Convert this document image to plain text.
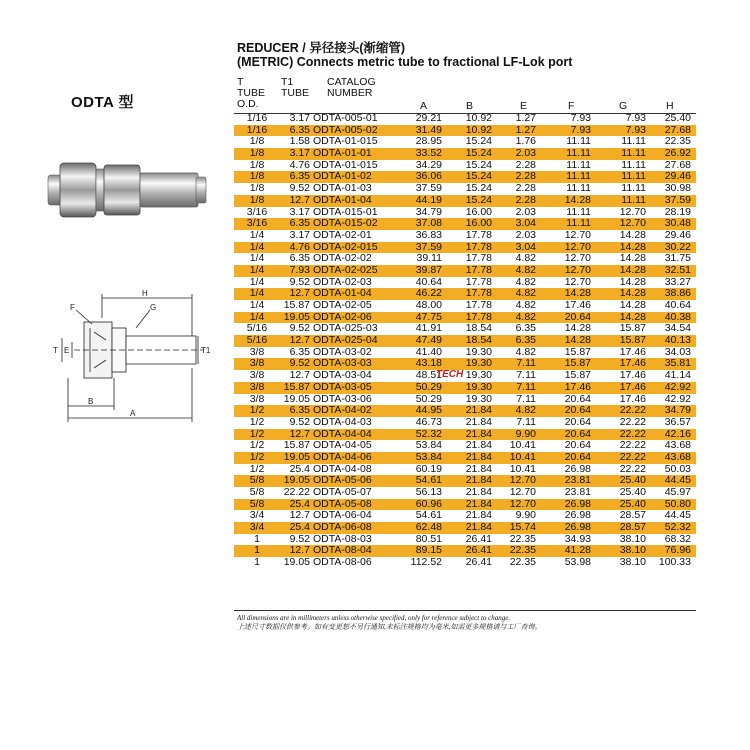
ODTA 型
H
F	G
T E	T1
B
A
REDUCER / 异径接头(渐缩管)
(METRIC) Connects metric tube to fractional LF-Lok port
T
TUBE
O.D.
T1
TUBE
CATALOG
NUMBER
A	B	E	F	G	H
1/16	3.17 ODTA-005-01	29.21	10.92	1.27	7.93	7.93	25.40
1/16	6.35 ODTA-005-02	31.49	10.92	1.27	7.93	7.93	27.68
1/8	1.58 ODTA-01-015	28.95	15.24	1.76	11.11	11.11	22.35
1/8	3.17 ODTA-01-01	33.52	15.24	2.03	11.11	11.11	26.92
1/8	4.76 ODTA-01-015	34.29	15.24	2.28	11.11	11.11	27.68
1/8	6.35 ODTA-01-02	36.06	15.24	2.28	11.11	11.11	29.46
1/8	9.52 ODTA-01-03	37.59	15.24	2.28	11.11	11.11	30.98
1/8	12.7 ODTA-01-04	44.19	15.24	2.28	14.28	11.11	37.59
3/16	3.17 ODTA-015-01	34.79	16.00	2.03	11.11	12.70	28.19
3/16	6.35 ODTA-015-02	37.08	16.00	3.04	11.11	12.70	30.48
1/4	3.17 ODTA-02-01	36.83	17.78	2.03	12.70	14.28	29.46
1/4	4.76 ODTA-02-015	37.59	17.78	3.04	12.70	14.28	30.22
1/4	6.35 ODTA-02-02	39.11	17.78	4.82	12.70	14.28	31.75
1/4	7.93 ODTA-02-025	39.87	17.78	4.82	12.70	14.28	32.51
1/4	9.52 ODTA-02-03	40.64	17.78	4.82	12.70	14.28	33.27
1/4	12.7 ODTA-01-04	46.22	17.78	4.82	14.28	14.28	38.86
1/4	15.87 ODTA-02-05	48.00	17.78	4.82	17.46	14.28	40.64
1/4	19.05 ODTA-02-06	47.75	17.78	4.82	20.64	14.28	40.38
5/16	9.52 ODTA-025-03	41.91	18.54	6.35	14.28	15.87	34.54
5/16	12.7 ODTA-025-04	47.49	18.54	6.35	14.28	15.87	40.13
3/8	6.35 ODTA-03-02	41.40	19.30	4.82	15.87	17.46	34.03
3/8	9.52 ODTA-03-03	43.18	19.30	7.11	15.87	17.46	35.81
3/8	12.7 ODTA-03-04	48.51	19.30	7.11	15.87	17.46	41.14
3/8	15.87 ODTA-03-05	50.29	19.30	7.11	17.46	17.46	42.92
3/8	19.05 ODTA-03-06	50.29	19.30	7.11	20.64	17.46	42.92
1/2	6.35 ODTA-04-02	44.95	21.84	4.82	20.64	22.22	34.79
1/2	9.52 ODTA-04-03	46.73	21.84	7.11	20.64	22.22	36.57
1/2	12.7 ODTA-04-04	52.32	21.84	9.90	20.64	22.22	42.16
1/2	15.87 ODTA-04-05	53.84	21.84	10.41	20.64	22.22	43.68
1/2	19.05 ODTA-04-06	53.84	21.84	10.41	20.64	22.22	43.68
1/2	25.4 ODTA-04-08	60.19	21.84	10.41	26.98	22.22	50.03
5/8	19.05 ODTA-05-06	54.61	21.84	12.70	23.81	25.40	44.45
5/8	22.22 ODTA-05-07	56.13	21.84	12.70	23.81	25.40	45.97
5/8	25.4 ODTA-05-08	60.96	21.84	12.70	26.98	25.40	50.80
3/4	12.7 ODTA-06-04	54.61	21.84	9.90	26.98	28.57	44.45
3/4	25.4 ODTA-06-08	62.48	21.84	15.74	26.98	28.57	52.32
1	9.52 ODTA-08-03	80.51	26.41	22.35	34.93	38.10	68.32
1	12.7 ODTA-08-04	89.15	26.41	22.35	41.28	38.10	76.96
1	19.05 ODTA-08-06	112.52	26.41	22.35	53.98	38.10	100.33
TECH
All dimensions are in millimeters unless otherwise specified, only for reference subject to change.
上述尺寸数据仅供参考。如有变更恕不另行通知,未标注规格均为毫米,如需更多规格请与工厂查询。
